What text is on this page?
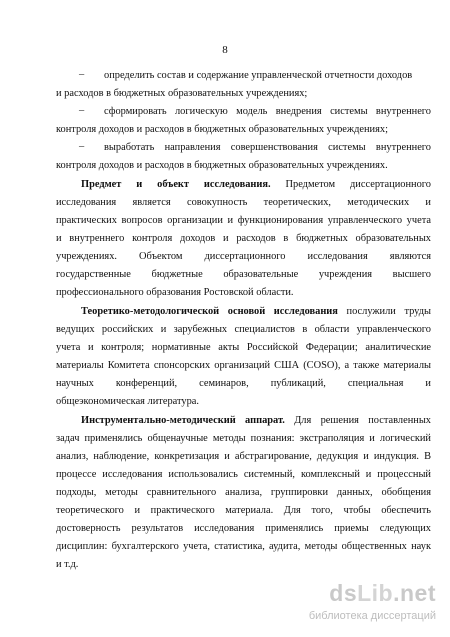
8
– определить состав и содержание управленческой отчетности доходов
и расходов в бюджетных образовательных учреждениях;
– сформировать логическую модель внедрения системы внутреннего
контроля доходов и расходов в бюджетных образовательных учреждениях;
– выработать направления совершенствования системы внутреннего
контроля доходов и расходов в бюджетных образовательных учреждениях.
Предмет и объект исследования. Предметом диссертационного
исследования является совокупность теоретических, методических и
практических вопросов организации и функционирования управленческого учета
и внутреннего контроля доходов и расходов в бюджетных образовательных
учреждениях. Объектом диссертационного исследования являются
государственные бюджетные образовательные учреждения высшего
профессионального образования Ростовской области.
Теоретико-методологической основой исследования послужили труды
ведущих российских и зарубежных специалистов в области управленческого
учета и контроля; нормативные акты Российской Федерации; аналитические
материалы Комитета спонсорских организаций США (COSO), а также материалы
научных конференций, семинаров, публикаций, специальная и
общеэкономическая литература.
Инструментально-методический аппарат. Для решения поставленных
задач применялись общенаучные методы познания: экстраполяция и логический
анализ, наблюдение, конкретизация и абстрагирование, дедукция и индукция. В
процессе исследования использовались системный, комплексный и процессный
подходы, методы сравнительного анализа, группировки данных, обобщения
теоретического и практического материала. Для того, чтобы обеспечить
достоверность результатов исследования применялись приемы следующих
дисциплин: бухгалтерского учета, статистика, аудита, методы общественных наук
и т.д.
dsLib.net
библиотека диссертаций
